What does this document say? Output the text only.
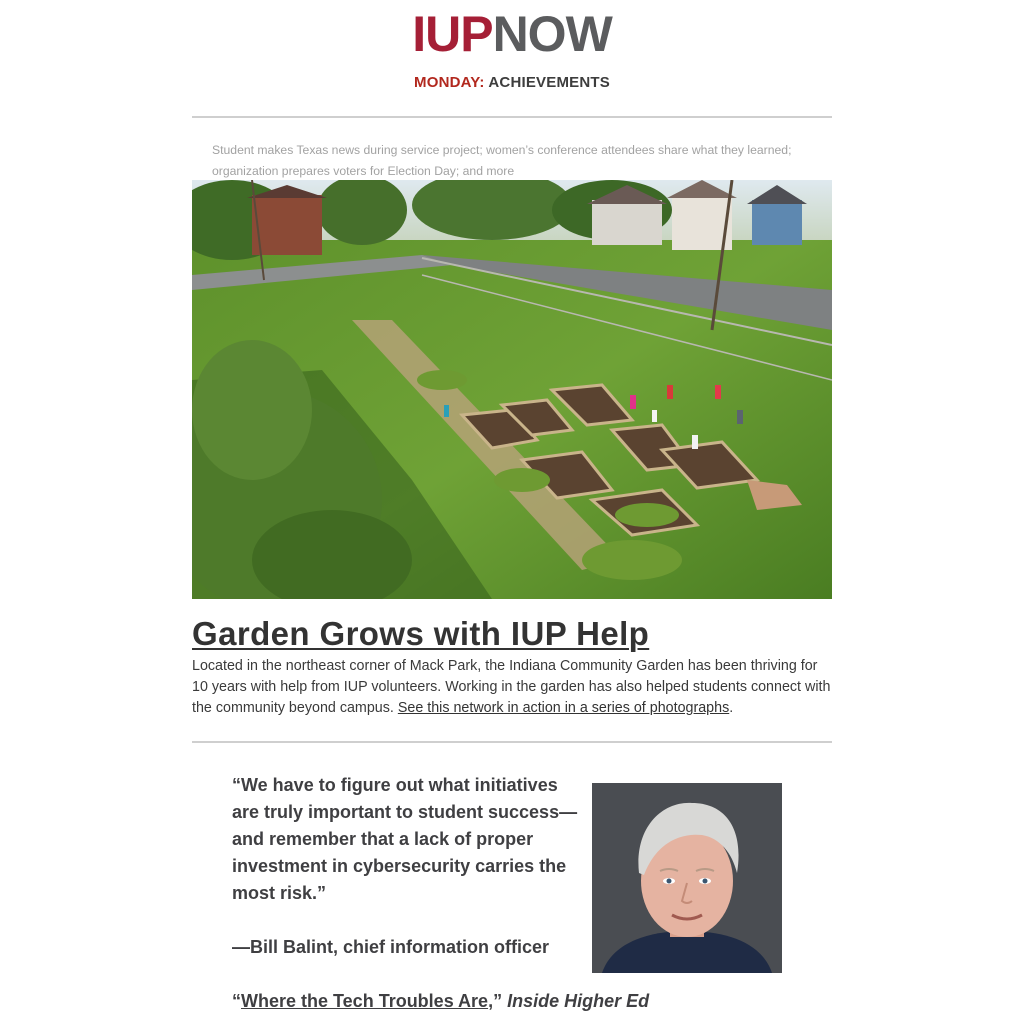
IUPNOW
MONDAY: ACHIEVEMENTS

Student makes Texas news during service project; women’s conference attendees share what they learned; organization prepares voters for Election Day; and more

Garden Grows with IUP Help

Located in the northeast corner of Mack Park, the Indiana Community Garden has been thriving for 10 years with help from IUP volunteers. Working in the garden has also helped students connect with the community beyond campus. See this network in action in a series of photographs.

“We have to figure out what initiatives are truly important to student success—and remember that a lack of proper investment in cybersecurity carries the most risk.”

—Bill Balint, chief information officer

“Where the Tech Troubles Are,” Inside Higher Ed
